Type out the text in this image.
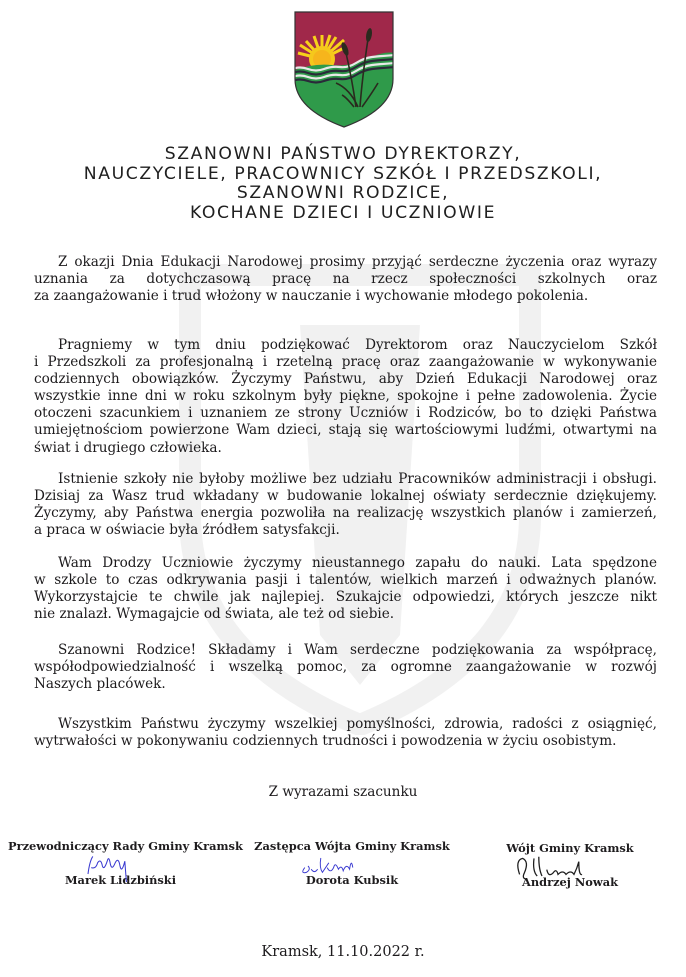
SZANOWNI PAŃSTWO DYREKTORZY,
NAUCZYCIELE, PRACOWNICY SZKÓŁ I PRZEDSZKOLI,
SZANOWNI RODZICE,
KOCHANE DZIECI I UCZNIOWIE
Z okazji Dnia Edukacji Narodowej prosimy przyjąć serdeczne życzenia oraz wyrazy
uznania za dotychczasową pracę na rzecz społeczności szkolnych oraz
za zaangażowanie i trud włożony w nauczanie i wychowanie młodego pokolenia.
Pragniemy w tym dniu podziękować Dyrektorom oraz Nauczycielom Szkół
i Przedszkoli za profesjonalną i rzetelną pracę oraz zaangażowanie w wykonywanie
codziennych obowiązków. Życzymy Państwu, aby Dzień Edukacji Narodowej oraz
wszystkie inne dni w roku szkolnym były piękne, spokojne i pełne zadowolenia. Życie
otoczeni szacunkiem i uznaniem ze strony Uczniów i Rodziców, bo to dzięki Państwa
umiejętnościom powierzone Wam dzieci, stają się wartościowymi ludźmi, otwartymi na
świat i drugiego człowieka.
Istnienie szkoły nie byłoby możliwe bez udziału Pracowników administracji i obsługi.
Dzisiaj za Wasz trud wkładany w budowanie lokalnej oświaty serdecznie dziękujemy.
Życzymy, aby Państwa energia pozwoliła na realizację wszystkich planów i zamierzeń,
a praca w oświacie była źródłem satysfakcji.
Wam Drodzy Uczniowie życzymy nieustannego zapału do nauki. Lata spędzone
w szkole to czas odkrywania pasji i talentów, wielkich marzeń i odważnych planów.
Wykorzystajcie te chwile jak najlepiej. Szukajcie odpowiedzi, których jeszcze nikt
nie znalazł. Wymagajcie od świata, ale też od siebie.
Szanowni Rodzice! Składamy i Wam serdeczne podziękowania za współpracę,
współodpowiedzialność i wszelką pomoc, za ogromne zaangażowanie w rozwój
Naszych placówek.
Wszystkim Państwu życzymy wszelkiej pomyślności, zdrowia, radości z osiągnięć,
wytrwałości w pokonywaniu codziennych trudności i powodzenia w życiu osobistym.
Z wyrazami szacunku
Przewodniczący Rady Gminy Kramsk
Marek Lidzbiński
Zastępca Wójta Gminy Kramsk
Dorota Kubsik
Wójt Gminy Kramsk
Andrzej Nowak
Kramsk, 11.10.2022 r.
